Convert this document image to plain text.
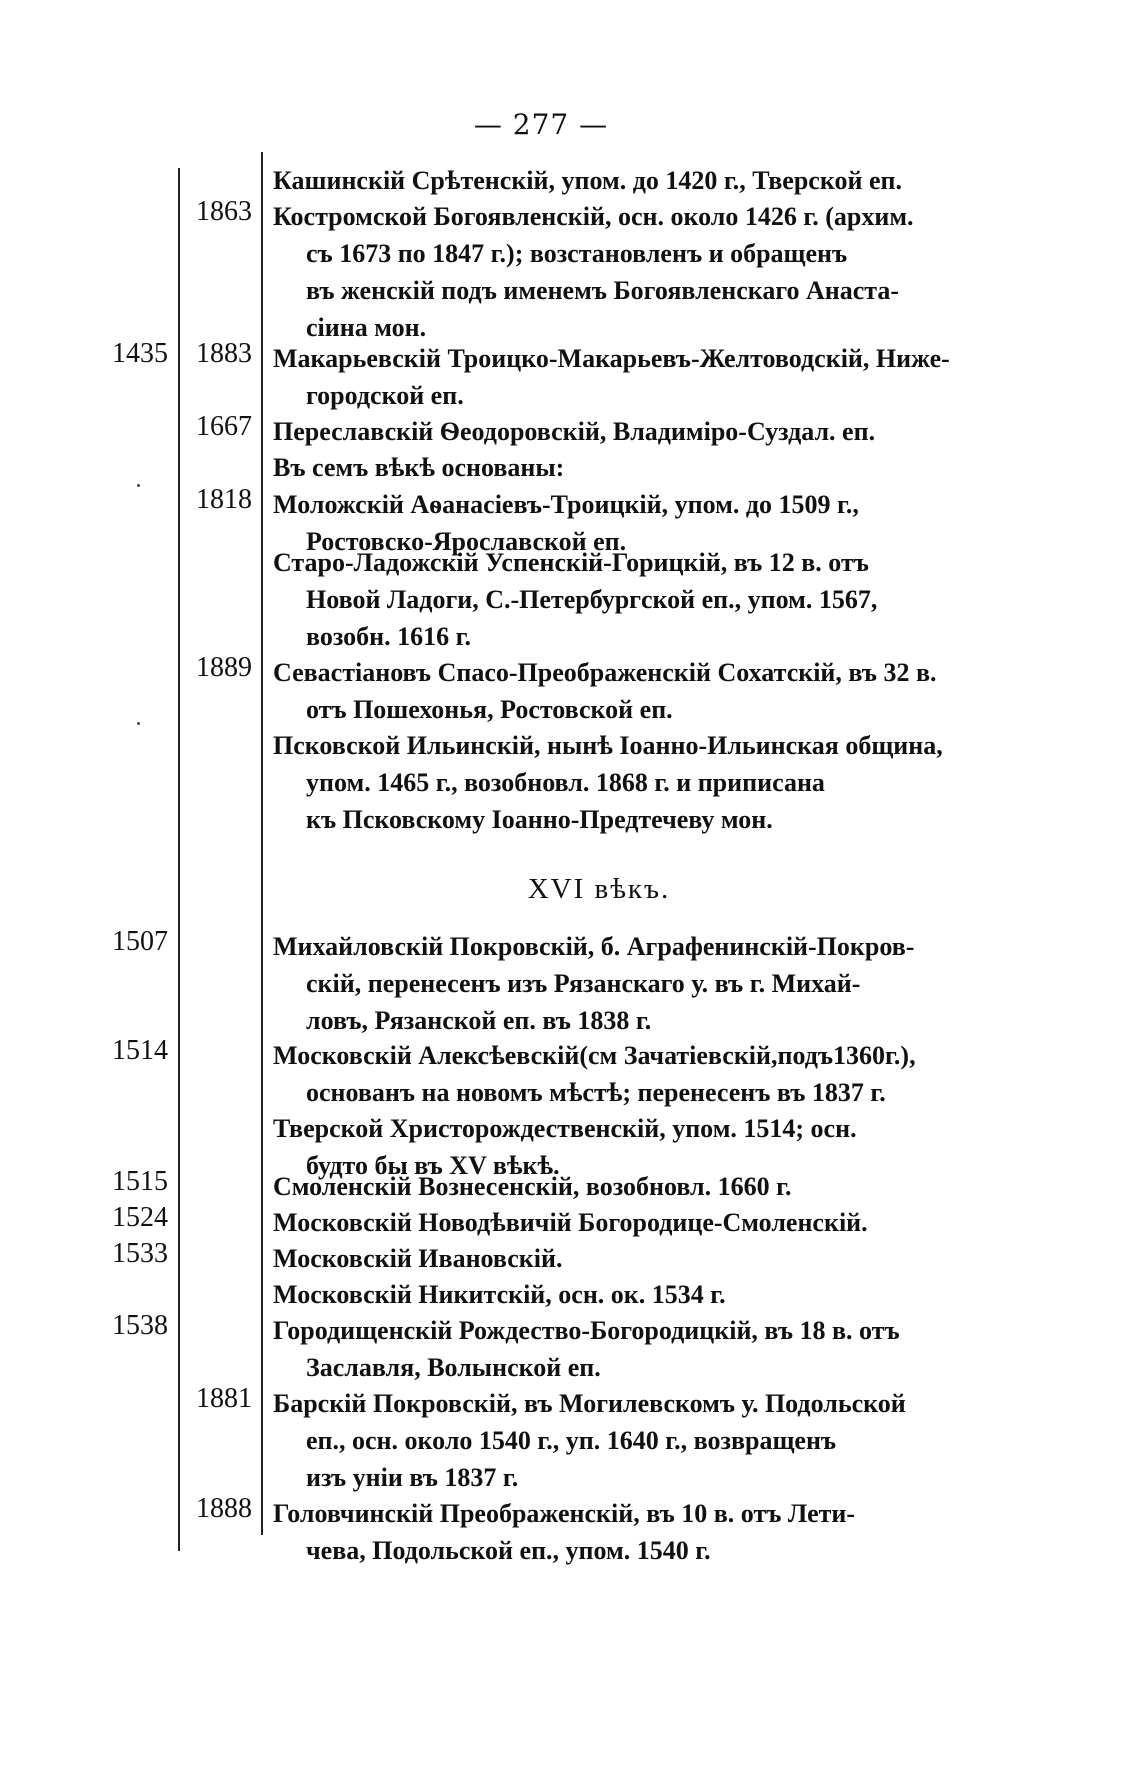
— 277 —
1863
1435	1883
1667
1818
1889
1507
1514
1515
1524
1533
1538
1881
1888
Кашинскій Срѣтенскій, упом. до 1420 г., Тверской еп.
Костромской Богоявленскій, осн. около 1426 г. (архим.
съ 1673 по 1847 г.); возстановленъ и обращенъ
въ женскій подъ именемъ Богоявленскаго Анаста-
сіина мон.
Макарьевскій Троицко-Макарьевъ-Желтоводскій, Ниже-
городской еп.
Переславскій Ѳеодоровскій, Владиміро-Суздал. еп.
Въ семъ вѣкѣ основаны:
Моложскій Аѳанасіевъ-Троицкій, упом. до 1509 г.,
Ростовско-Ярославской еп.
Старо-Ладожскій Успенскій-Горицкій, въ 12 в. отъ
Новой Ладоги, С.-Петербургской еп., упом. 1567,
возобн. 1616 г.
Севастіановъ Спасо-Преображенскій Сохатскій, въ 32 в.
отъ Пошехонья, Ростовской еп.
Псковской Ильинскій, нынѣ Іоанно-Ильинская община,
упом. 1465 г., возобновл. 1868 г. и приписана
къ Псковскому Іоанно-Предтечеву мон.
XVI вѣкъ.
Михайловскій Покровскій, б. Аграфенинскій-Покров-
скій, перенесенъ изъ Рязанскаго у. въ г. Михай-
ловъ, Рязанской еп. въ 1838 г.
Московскій Алексѣевскій(см Зачатіевскій,подъ1360г.),
основанъ на новомъ мѣстѣ; перенесенъ въ 1837 г.
Тверской Христорождественскій, упом. 1514; осн.
будто бы въ XV вѣкѣ.
Смоленскій Вознесенскій, возобновл. 1660 г.
Московскій Новодѣвичій Богородице-Смоленскій.
Московскій Ивановскій.
Московскій Никитскій, осн. ок. 1534 г.
Городищенскій Рождество-Богородицкій, въ 18 в. отъ
Заславля, Волынской еп.
Барскій Покровскій, въ Могилевскомъ у. Подольской
еп., осн. около 1540 г., уп. 1640 г., возвращенъ
изъ уніи въ 1837 г.
Головчинскій Преображенскій, въ 10 в. отъ Лети-
чева, Подольской еп., упом. 1540 г.
